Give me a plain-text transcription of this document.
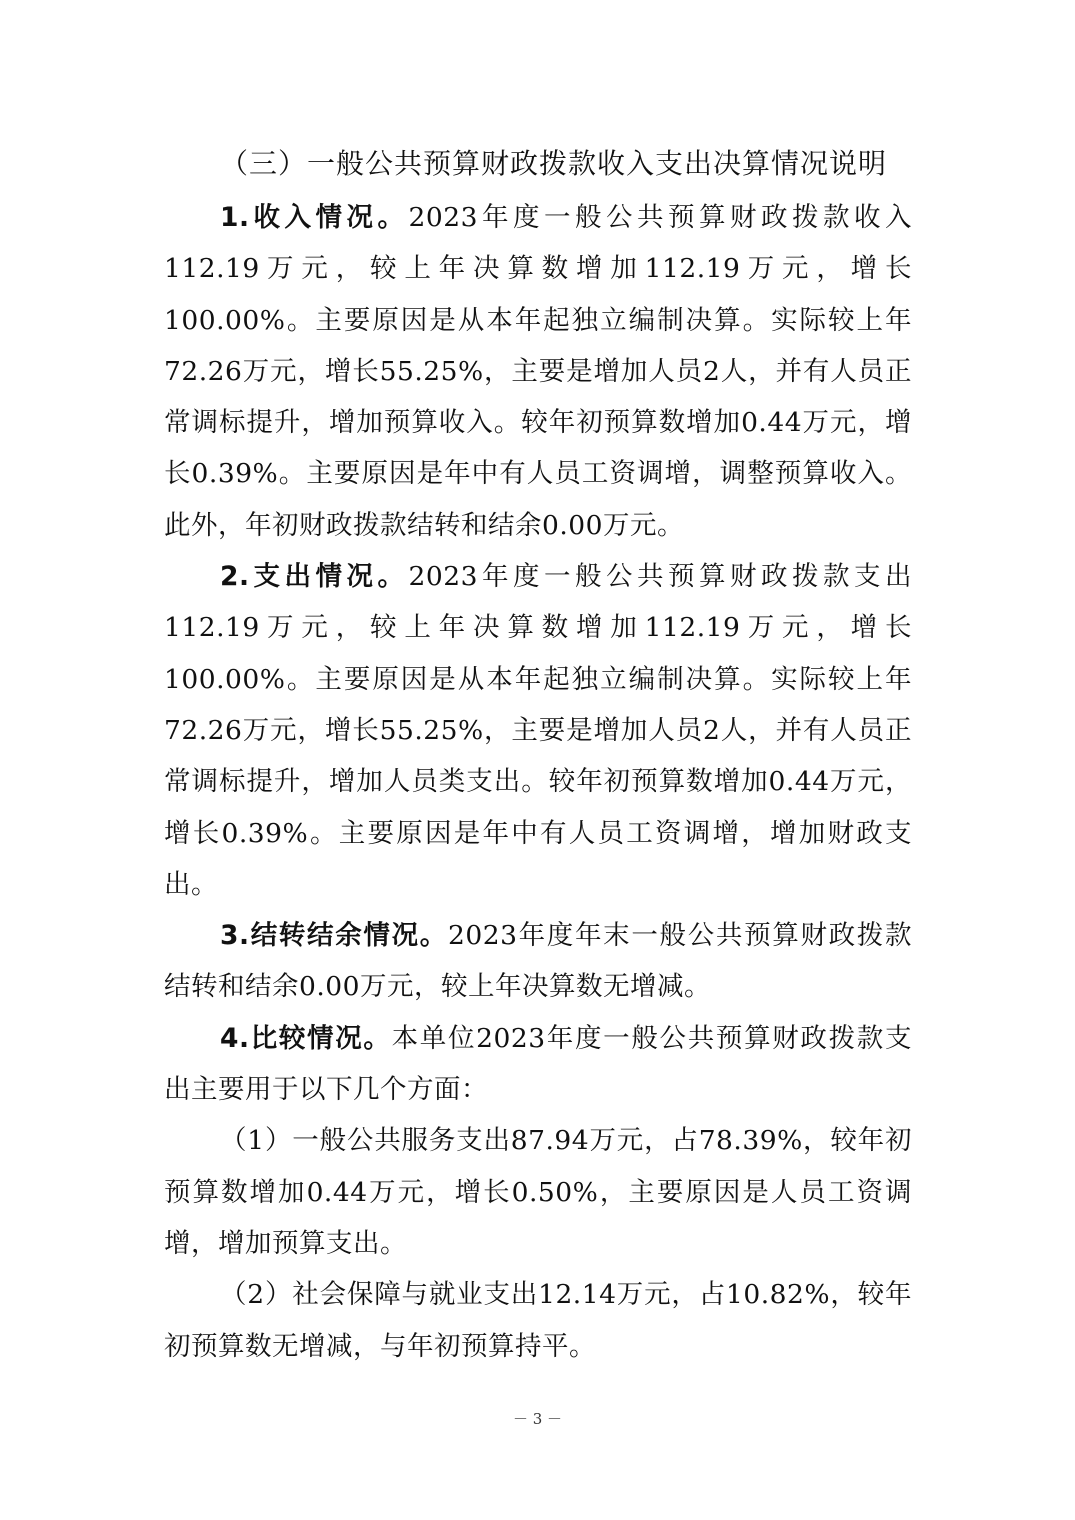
（三）一般公共预算财政拨款收入支出决算情况说明

1.收入情况。2023年度一般公共预算财政拨款收入112.19万元，较上年决算数增加112.19万元，增长100.00%。主要原因是从本年起独立编制决算。实际较上年72.26万元，增长55.25%，主要是增加人员2人，并有人员正常调标提升，增加预算收入。较年初预算数增加0.44万元，增长0.39%。主要原因是年中有人员工资调增，调整预算收入。此外，年初财政拨款结转和结余0.00万元。

2.支出情况。2023年度一般公共预算财政拨款支出112.19万元，较上年决算数增加112.19万元，增长100.00%。主要原因是从本年起独立编制决算。实际较上年72.26万元，增长55.25%，主要是增加人员2人，并有人员正常调标提升，增加人员类支出。较年初预算数增加0.44万元，增长0.39%。主要原因是年中有人员工资调增，增加财政支出。

3.结转结余情况。2023年度年末一般公共预算财政拨款结转和结余0.00万元，较上年决算数无增减。

4.比较情况。本单位2023年度一般公共预算财政拨款支出主要用于以下几个方面：

（1）一般公共服务支出87.94万元，占78.39%，较年初预算数增加0.44万元，增长0.50%，主要原因是人员工资调增，增加预算支出。

（2）社会保障与就业支出12.14万元，占10.82%，较年初预算数无增减，与年初预算持平。

－ 3 －
